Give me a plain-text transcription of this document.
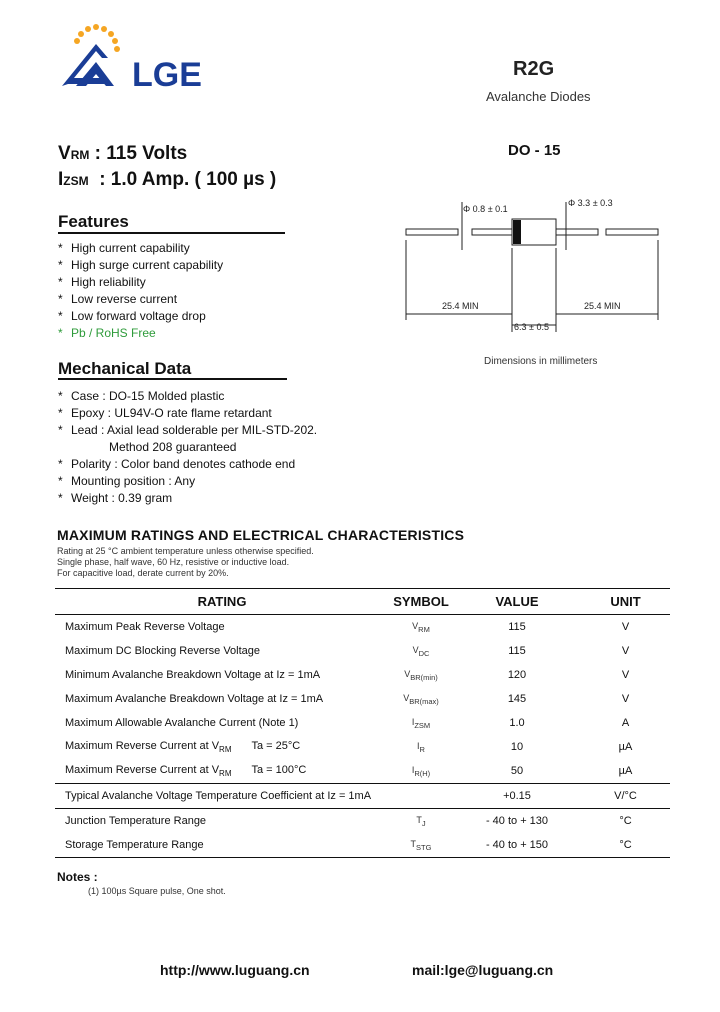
LGE	R2G
Avalanche Diodes
VRM : 115 Volts
IZSM : 1.0 Amp. ( 100 µs )
DO - 15
Φ 0.8 ± 0.1
Φ 3.3 ± 0.3
25.4 MIN	25.4 MIN
6.3 ± 0.5
Dimensions in millimeters
Features
* High current capability
* High surge current capability
* High reliability
* Low reverse current
* Low forward voltage drop
* Pb / RoHS Free
Mechanical Data
* Case : DO-15 Molded plastic
* Epoxy : UL94V-O rate flame retardant
* Lead : Axial lead solderable per MIL-STD-202.
Method 208 guaranteed
* Polarity : Color band denotes cathode end
* Mounting position : Any
* Weight : 0.39 gram
MAXIMUM RATINGS AND ELECTRICAL CHARACTERISTICS
Rating at 25 °C ambient temperature unless otherwise specified.
Single phase, half wave, 60 Hz, resistive or inductive load.
For capacitive load, derate current by 20%.
RATING	SYMBOL	VALUE	UNIT
Maximum Peak Reverse Voltage	$V_{RM}$	115	V
Maximum DC Blocking Reverse Voltage	$V_{DC}$	115	V
Minimum Avalanche Breakdown Voltage at Iz = 1mA	$V_{BR(min)}$	120	V
Maximum Avalanche Breakdown Voltage at Iz = 1mA	$V_{BR(max)}$	145	V
Maximum Allowable Avalanche Current (Note 1)	$I_{ZSM}$	1.0	A
Maximum Reverse Current at $V_{RM}$ Ta = 25°C	$I_R$	10	µA
Maximum Reverse Current at $V_{RM}$ Ta = 100°C	$I_{R(H)}$	50	µA
Typical Avalanche Voltage Temperature Coefficient at Iz = 1mA		+0.15	V/°C
Junction Temperature Range	$T_J$	- 40 to + 130	°C
Storage Temperature Range	$T_{STG}$	- 40 to + 150	°C
Notes :
(1) 100µs Square pulse, One shot.
http://www.luguang.cn	mail:lge@luguang.cn
